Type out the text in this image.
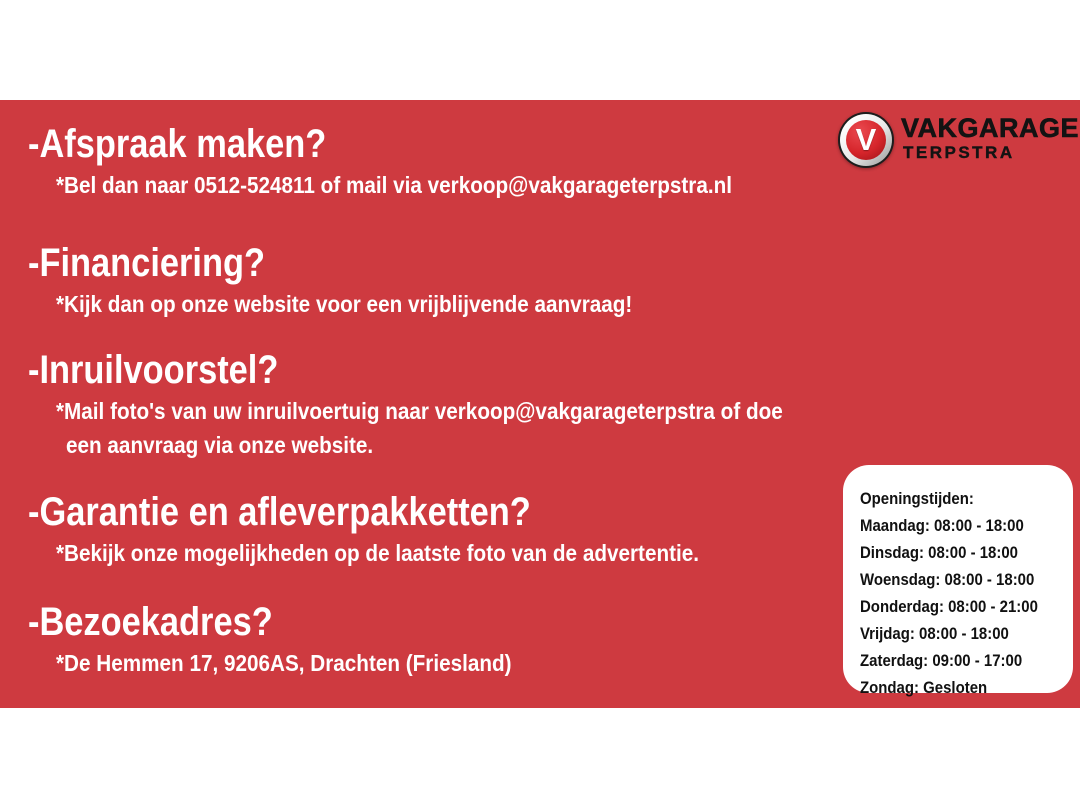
V VAKGARAGE
TERPSTRA
-Afspraak maken?
*Bel dan naar 0512-524811 of mail via verkoop@vakgarageterpstra.nl
-Financiering?
*Kijk dan op onze website voor een vrijblijvende aanvraag!
-Inruilvoorstel?
*Mail foto's van uw inruilvoertuig naar verkoop@vakgarageterpstra of doe
een aanvraag via onze website.
-Garantie en afleverpakketten?
*Bekijk onze mogelijkheden op de laatste foto van de advertentie.
-Bezoekadres?
*De Hemmen 17, 9206AS, Drachten (Friesland)
Openingstijden:
Maandag: 08:00 - 18:00
Dinsdag: 08:00 - 18:00
Woensdag: 08:00 - 18:00
Donderdag: 08:00 - 21:00
Vrijdag: 08:00 - 18:00
Zaterdag: 09:00 - 17:00
Zondag: Gesloten
